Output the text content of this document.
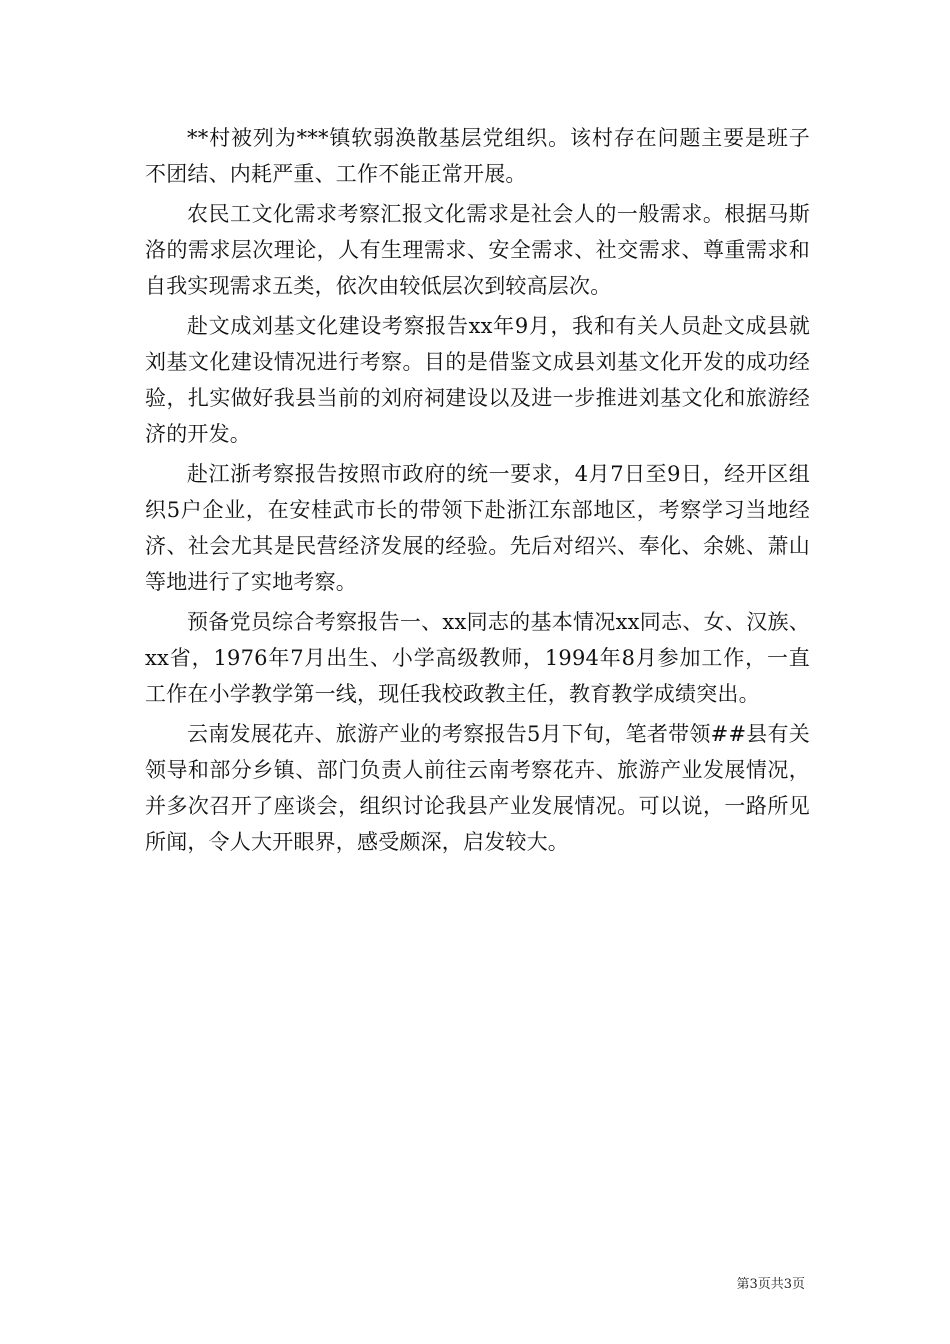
**村被列为***镇软弱涣散基层党组织。该村存在问题主要是班子不团结、内耗严重、工作不能正常开展。

农民工文化需求考察汇报文化需求是社会人的一般需求。根据马斯洛的需求层次理论，人有生理需求、安全需求、社交需求、尊重需求和自我实现需求五类，依次由较低层次到较高层次。

赴文成刘基文化建设考察报告xx年9月，我和有关人员赴文成县就刘基文化建设情况进行考察。目的是借鉴文成县刘基文化开发的成功经验，扎实做好我县当前的刘府祠建设以及进一步推进刘基文化和旅游经济的开发。

赴江浙考察报告按照市政府的统一要求，4月7日至9日，经开区组织5户企业，在安桂武市长的带领下赴浙江东部地区，考察学习当地经济、社会尤其是民营经济发展的经验。先后对绍兴、奉化、余姚、萧山等地进行了实地考察。

预备党员综合考察报告一、xx同志的基本情况xx同志、女、汉族、xx省，1976年7月出生、小学高级教师，1994年8月参加工作，一直工作在小学教学第一线，现任我校政教主任，教育教学成绩突出。

云南发展花卉、旅游产业的考察报告5月下旬，笔者带领##县有关领导和部分乡镇、部门负责人前往云南考察花卉、旅游产业发展情况，并多次召开了座谈会，组织讨论我县产业发展情况。可以说，一路所见所闻，令人大开眼界，感受颇深，启发较大。

第3页共3页
